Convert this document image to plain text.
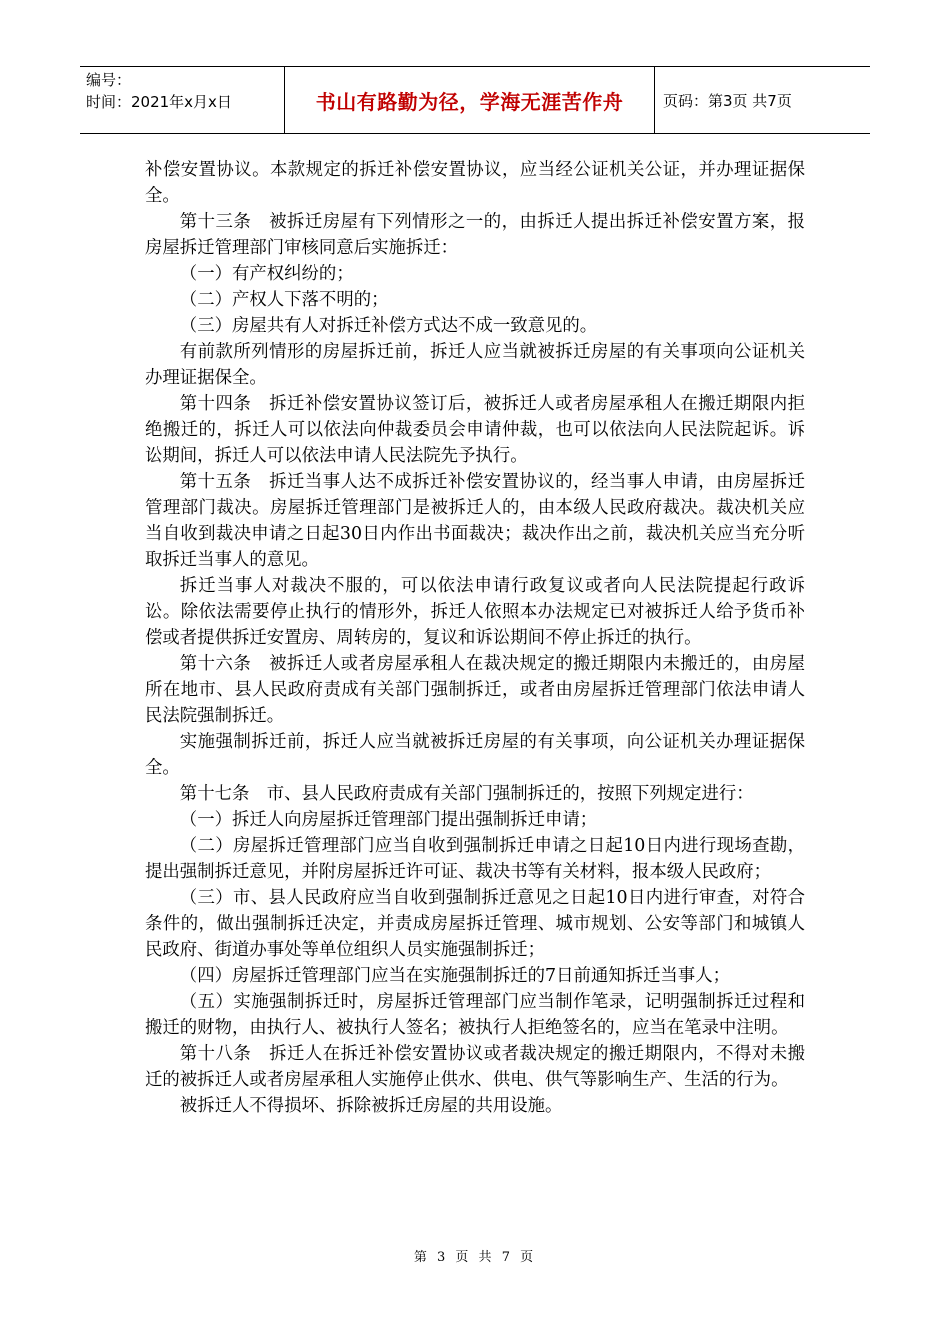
编号：
时间：2021年x月x日	书山有路勤为径，学海无涯苦作舟	页码：第3页 共7页

补偿安置协议。本款规定的拆迁补偿安置协议，应当经公证机关公证，并办理证据保全。

第十三条　被拆迁房屋有下列情形之一的，由拆迁人提出拆迁补偿安置方案，报房屋拆迁管理部门审核同意后实施拆迁：

（一）有产权纠纷的；

（二）产权人下落不明的；

（三）房屋共有人对拆迁补偿方式达不成一致意见的。

有前款所列情形的房屋拆迁前，拆迁人应当就被拆迁房屋的有关事项向公证机关办理证据保全。

第十四条　拆迁补偿安置协议签订后，被拆迁人或者房屋承租人在搬迁期限内拒绝搬迁的，拆迁人可以依法向仲裁委员会申请仲裁，也可以依法向人民法院起诉。诉讼期间，拆迁人可以依法申请人民法院先予执行。

第十五条　拆迁当事人达不成拆迁补偿安置协议的，经当事人申请，由房屋拆迁管理部门裁决。房屋拆迁管理部门是被拆迁人的，由本级人民政府裁决。裁决机关应当自收到裁决申请之日起30日内作出书面裁决；裁决作出之前，裁决机关应当充分听取拆迁当事人的意见。

拆迁当事人对裁决不服的，可以依法申请行政复议或者向人民法院提起行政诉讼。除依法需要停止执行的情形外，拆迁人依照本办法规定已对被拆迁人给予货币补偿或者提供拆迁安置房、周转房的，复议和诉讼期间不停止拆迁的执行。

第十六条　被拆迁人或者房屋承租人在裁决规定的搬迁期限内未搬迁的，由房屋所在地市、县人民政府责成有关部门强制拆迁，或者由房屋拆迁管理部门依法申请人民法院强制拆迁。

实施强制拆迁前，拆迁人应当就被拆迁房屋的有关事项，向公证机关办理证据保全。

第十七条　市、县人民政府责成有关部门强制拆迁的，按照下列规定进行：

（一）拆迁人向房屋拆迁管理部门提出强制拆迁申请；

（二）房屋拆迁管理部门应当自收到强制拆迁申请之日起10日内进行现场查勘，提出强制拆迁意见，并附房屋拆迁许可证、裁决书等有关材料，报本级人民政府；

（三）市、县人民政府应当自收到强制拆迁意见之日起10日内进行审查，对符合条件的，做出强制拆迁决定，并责成房屋拆迁管理、城市规划、公安等部门和城镇人民政府、街道办事处等单位组织人员实施强制拆迁；

（四）房屋拆迁管理部门应当在实施强制拆迁的7日前通知拆迁当事人；

（五）实施强制拆迁时，房屋拆迁管理部门应当制作笔录，记明强制拆迁过程和搬迁的财物，由执行人、被执行人签名；被执行人拒绝签名的，应当在笔录中注明。

第十八条　拆迁人在拆迁补偿安置协议或者裁决规定的搬迁期限内，不得对未搬迁的被拆迁人或者房屋承租人实施停止供水、供电、供气等影响生产、生活的行为。

被拆迁人不得损坏、拆除被拆迁房屋的共用设施。

第 3 页 共 7 页
